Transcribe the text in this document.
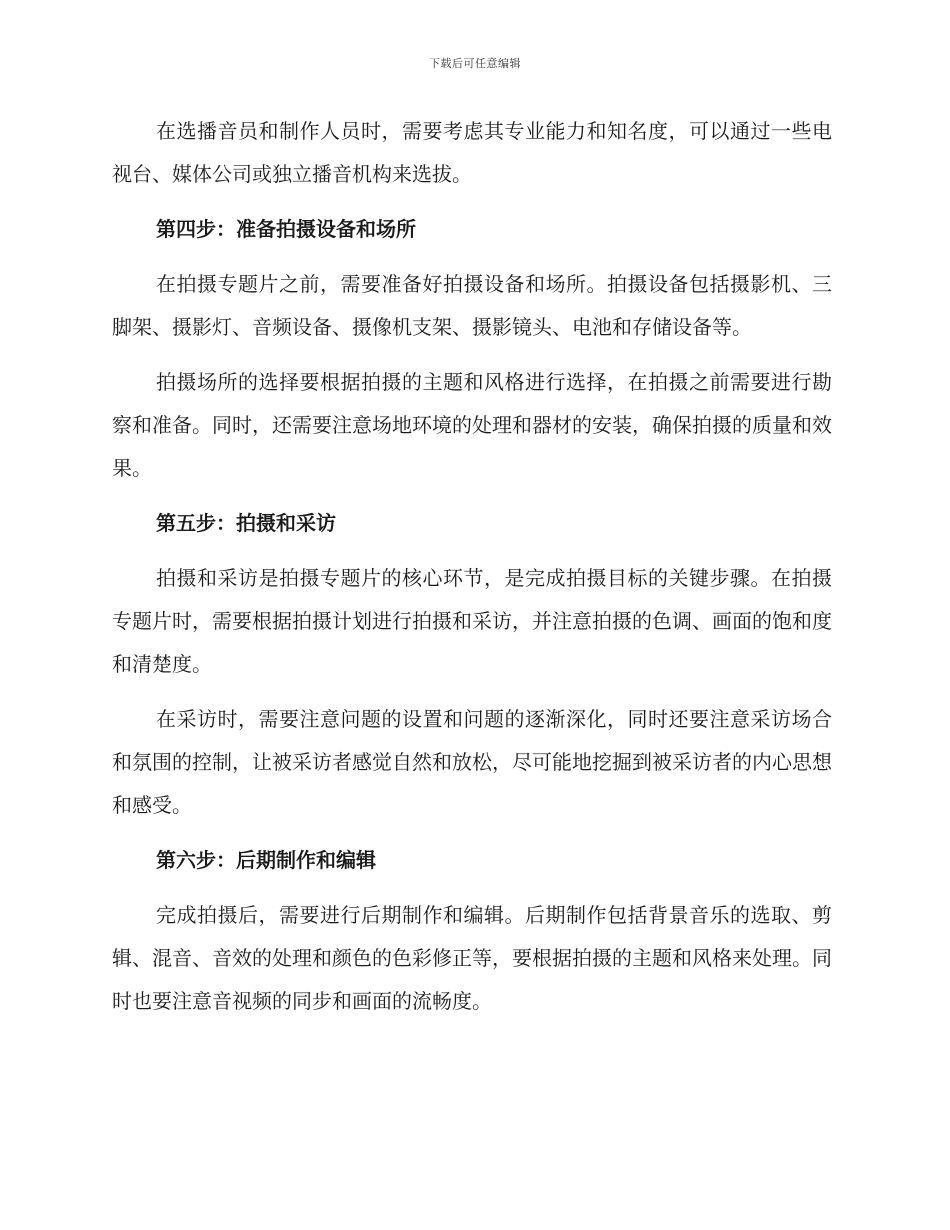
下载后可任意编辑

在选播音员和制作人员时，需要考虑其专业能力和知名度，可以通过一些电视台、媒体公司或独立播音机构来选拔。

第四步：准备拍摄设备和场所

在拍摄专题片之前，需要准备好拍摄设备和场所。拍摄设备包括摄影机、三脚架、摄影灯、音频设备、摄像机支架、摄影镜头、电池和存储设备等。

拍摄场所的选择要根据拍摄的主题和风格进行选择，在拍摄之前需要进行勘察和准备。同时，还需要注意场地环境的处理和器材的安装，确保拍摄的质量和效果。

第五步：拍摄和采访

拍摄和采访是拍摄专题片的核心环节，是完成拍摄目标的关键步骤。在拍摄专题片时，需要根据拍摄计划进行拍摄和采访，并注意拍摄的色调、画面的饱和度和清楚度。

在采访时，需要注意问题的设置和问题的逐渐深化，同时还要注意采访场合和氛围的控制，让被采访者感觉自然和放松，尽可能地挖掘到被采访者的内心思想和感受。

第六步：后期制作和编辑

完成拍摄后，需要进行后期制作和编辑。后期制作包括背景音乐的选取、剪辑、混音、音效的处理和颜色的色彩修正等，要根据拍摄的主题和风格来处理。同时也要注意音视频的同步和画面的流畅度。
